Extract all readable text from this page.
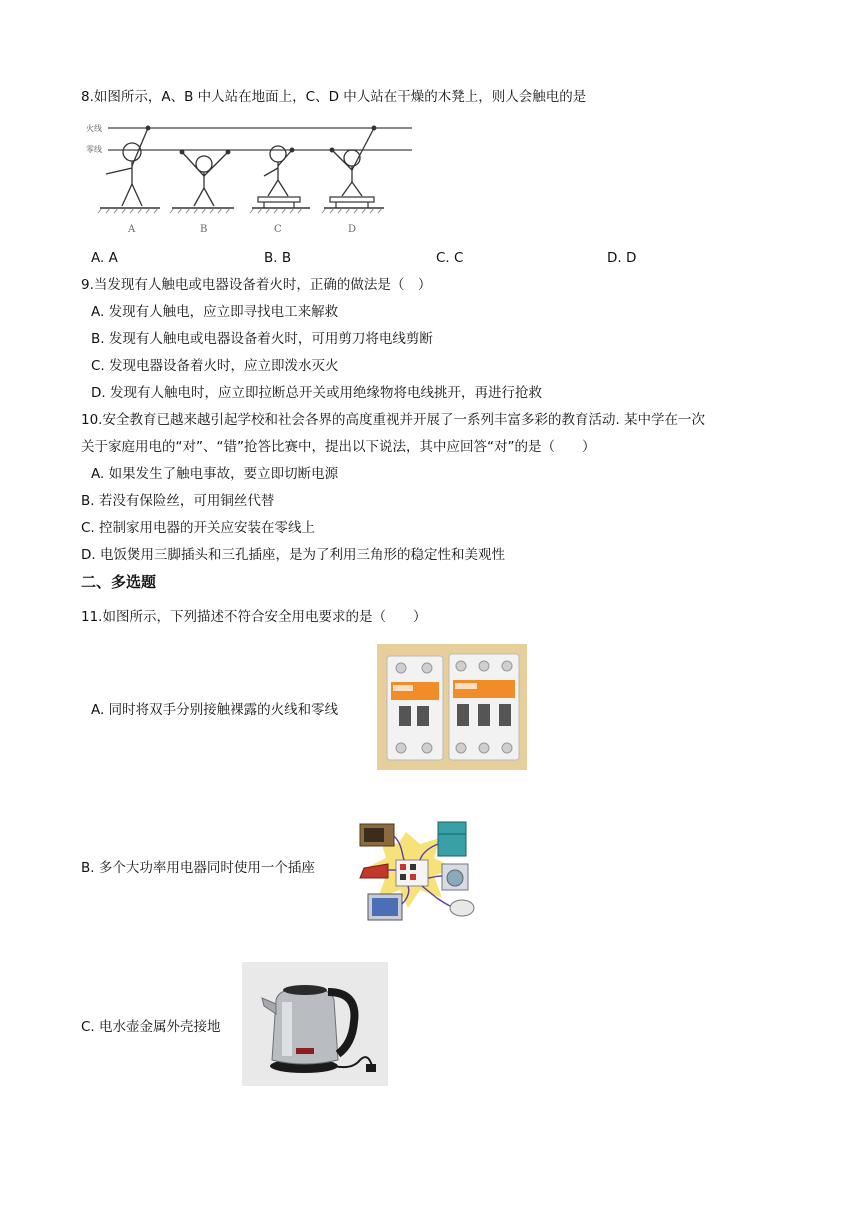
8.如图所示，A、B 中人站在地面上，C、D 中人站在干燥的木凳上，则人会触电的是
火线
零线
A	B	C	D
A. A	B. B	C. C	D. D
9.当发现有人触电或电器设备着火时，正确的做法是（　）
A. 发现有人触电，应立即寻找电工来解救
B. 发现有人触电或电器设备着火时，可用剪刀将电线剪断
C. 发现电器设备着火时，应立即泼水灭火
D. 发现有人触电时，应立即拉断总开关或用绝缘物将电线挑开，再进行抢救
10.安全教育已越来越引起学校和社会各界的高度重视并开展了一系列丰富多彩的教育活动. 某中学在一次
关于家庭用电的“对”、“错”抢答比赛中，提出以下说法，其中应回答“对”的是（　　）
A. 如果发生了触电事故，要立即切断电源
B. 若没有保险丝，可用铜丝代替
C. 控制家用电器的开关应安装在零线上
D. 电饭煲用三脚插头和三孔插座，是为了利用三角形的稳定性和美观性
二、多选题
11.如图所示，下列描述不符合安全用电要求的是（　　）
A. 同时将双手分别接触裸露的火线和零线
B. 多个大功率用电器同时使用一个插座
C. 电水壶金属外壳接地
